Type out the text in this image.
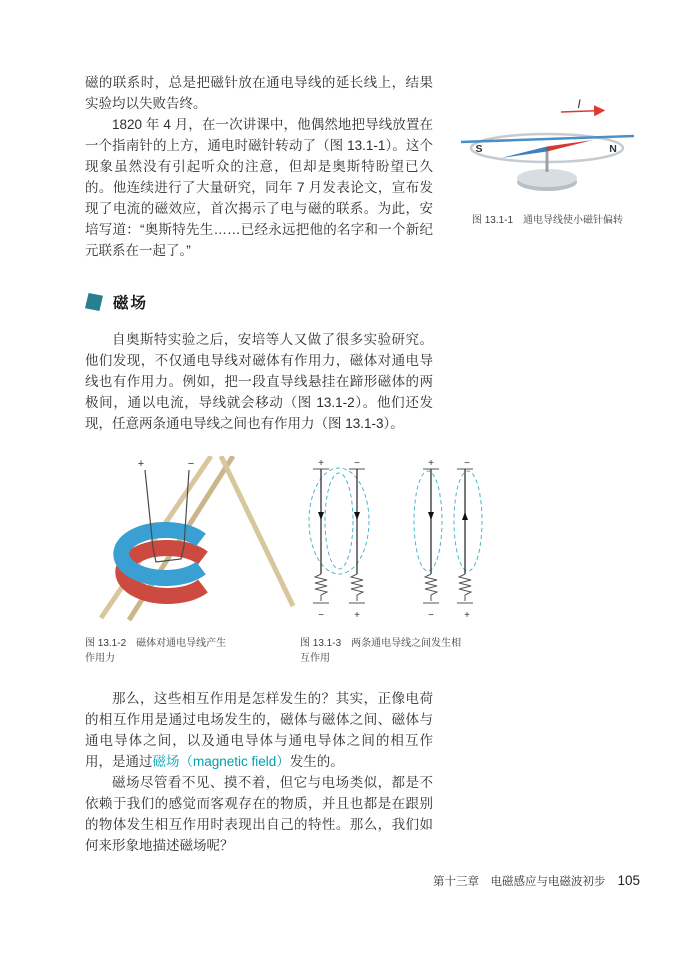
磁的联系时，总是把磁针放在通电导线的延长线上，结果实验均以失败告终。

1820 年 4 月，在一次讲课中，他偶然地把导线放置在一个指南针的上方，通电时磁针转动了（图 13.1-1）。这个现象虽然没有引起听众的注意，但却是奥斯特盼望已久的。他连续进行了大量研究，同年 7 月发表论文，宣布发现了电流的磁效应，首次揭示了电与磁的联系。为此，安培写道：“奥斯特先生……已经永远把他的名字和一个新纪元联系在一起了。”

I
S	N
图 13.1-1　通电导线使小磁针偏转
磁场

自奥斯特实验之后，安培等人又做了很多实验研究。他们发现，不仅通电导线对磁体有作用力，磁体对通电导线也有作用力。例如，把一段直导线悬挂在蹄形磁体的两极间，通以电流，导线就会移动（图 13.1-2）。他们还发现，任意两条通电导线之间也有作用力（图 13.1-3）。

+	−
图 13.1-2　磁体对通电导线产生作用力
+	−
−	+
+	−
−	+
图 13.1-3　两条通电导线之间发生相互作用

那么，这些相互作用是怎样发生的？其实，正像电荷的相互作用是通过电场发生的，磁体与磁体之间、磁体与通电导体之间，以及通电导体与通电导体之间的相互作用，是通过磁场（magnetic field）发生的。

磁场尽管看不见、摸不着，但它与电场类似，都是不依赖于我们的感觉而客观存在的物质，并且也都是在跟别的物体发生相互作用时表现出自己的特性。那么，我们如何来形象地描述磁场呢？

第十三章　电磁感应与电磁波初步 105
